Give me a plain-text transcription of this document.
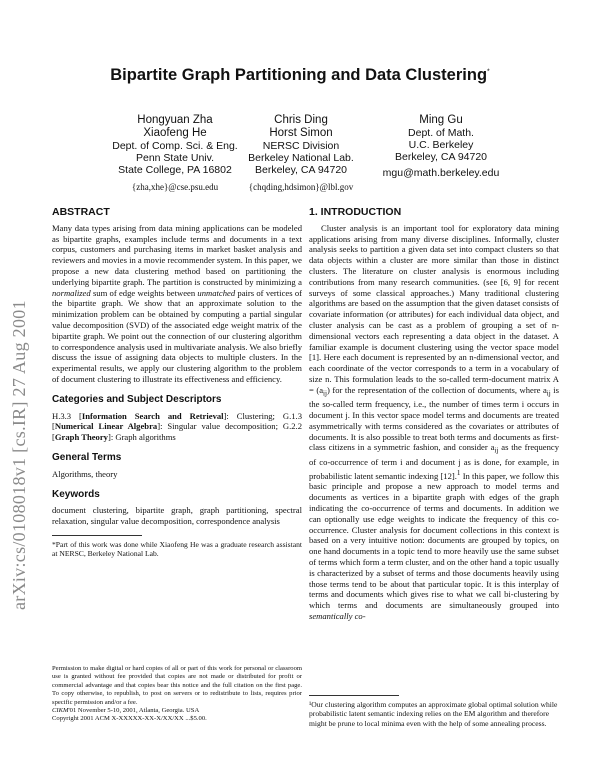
arXiv:cs/0108018v1 [cs.IR] 27 Aug 2001
Bipartite Graph Partitioning and Data Clustering*
Hongyuan Zha
Xiaofeng He
Dept. of Comp. Sci. & Eng.
Penn State Univ.
State College, PA 16802
{zha,xhe}@cse.psu.edu
Chris Ding
Horst Simon
NERSC Division
Berkeley National Lab.
Berkeley, CA 94720
{chqding,hdsimon}@lbl.gov
Ming Gu
Dept. of Math.
U.C. Berkeley
Berkeley, CA 94720
mgu@math.berkeley.edu
ABSTRACT

Many data types arising from data mining applications can be modeled as bipartite graphs, examples include terms and documents in a text corpus, customers and purchasing items in market basket analysis and reviewers and movies in a movie recommender system. In this paper, we propose a new data clustering method based on partitioning the underlying bipartite graph. The partition is constructed by minimizing a normalized sum of edge weights between unmatched pairs of vertices of the bipartite graph. We show that an approximate solution to the minimization problem can be obtained by computing a partial singular value decomposition (SVD) of the associated edge weight matrix of the bipartite graph. We point out the connection of our clustering algorithm to correspondence analysis used in multivariate analysis. We also briefly discuss the issue of assigning data objects to multiple clusters. In the experimental results, we apply our clustering algorithm to the problem of document clustering to illustrate its effectiveness and efficiency.

Categories and Subject Descriptors

H.3.3 [Information Search and Retrieval]: Clustering; G.1.3 [Numerical Linear Algebra]: Singular value decomposition; G.2.2 [Graph Theory]: Graph algorithms

General Terms

Algorithms, theory

Keywords

document clustering, bipartite graph, graph partitioning, spectral relaxation, singular value decomposition, correspondence analysis

*Part of this work was done while Xiaofeng He was a graduate research assistant at NERSC, Berkeley National Lab.

Permission to make digital or hard copies of all or part of this work for personal or classroom use is granted without fee provided that copies are not made or distributed for profit or commercial advantage and that copies bear this notice and the full citation on the first page. To copy otherwise, to republish, to post on servers or to redistribute to lists, requires prior specific permission and/or a fee.

CIKM'01 November 5-10, 2001, Atlanta, Georgia. USA

Copyright 2001 ACM X-XXXXX-XX-X/XX/XX ...$5.00.

1. INTRODUCTION

Cluster analysis is an important tool for exploratory data mining applications arising from many diverse disciplines. Informally, cluster analysis seeks to partition a given data set into compact clusters so that data objects within a cluster are more similar than those in distinct clusters. The literature on cluster analysis is enormous including contributions from many research communities. (see [6, 9] for recent surveys of some classical approaches.) Many traditional clustering algorithms are based on the assumption that the given dataset consists of covariate information (or attributes) for each individual data object, and cluster analysis can be cast as a problem of grouping a set of n-dimensional vectors each representing a data object in the dataset. A familiar example is document clustering using the vector space model [1]. Here each document is represented by an n-dimensional vector, and each coordinate of the vector corresponds to a term in a vocabulary of size n. This formulation leads to the so-called term-document matrix $A = (a_{ij})$ for the representation of the collection of documents, where $a_{ij}$ is the so-called term frequency, i.e., the number of times term i occurs in document j. In this vector space model terms and documents are treated asymmetrically with terms considered as the covariates or attributes of documents. It is also possible to treat both terms and documents as first-class citizens in a symmetric fashion, and consider $a_{ij}$ as the frequency of co-occurrence of term i and document j as is done, for example, in probabilistic latent semantic indexing [12].$^1$ In this paper, we follow this basic principle and propose a new approach to model terms and documents as vertices in a bipartite graph with edges of the graph indicating the co-occurrence of terms and documents. In addition we can optionally use edge weights to indicate the frequency of this co-occurrence. Cluster analysis for document collections in this context is based on a very intuitive notion: documents are grouped by topics, on one hand documents in a topic tend to more heavily use the same subset of terms which form a term cluster, and on the other hand a topic usually is characterized by a subset of terms and those documents heavily using those terms tend to be about that particular topic. It is this interplay of terms and documents which gives rise to what we call bi-clustering by which terms and documents are simultaneously grouped into semantically co-

¹Our clustering algorithm computes an approximate global optimal solution while probabilistic latent semantic indexing relies on the EM algorithm and therefore might be prune to local minima even with the help of some annealing process.
